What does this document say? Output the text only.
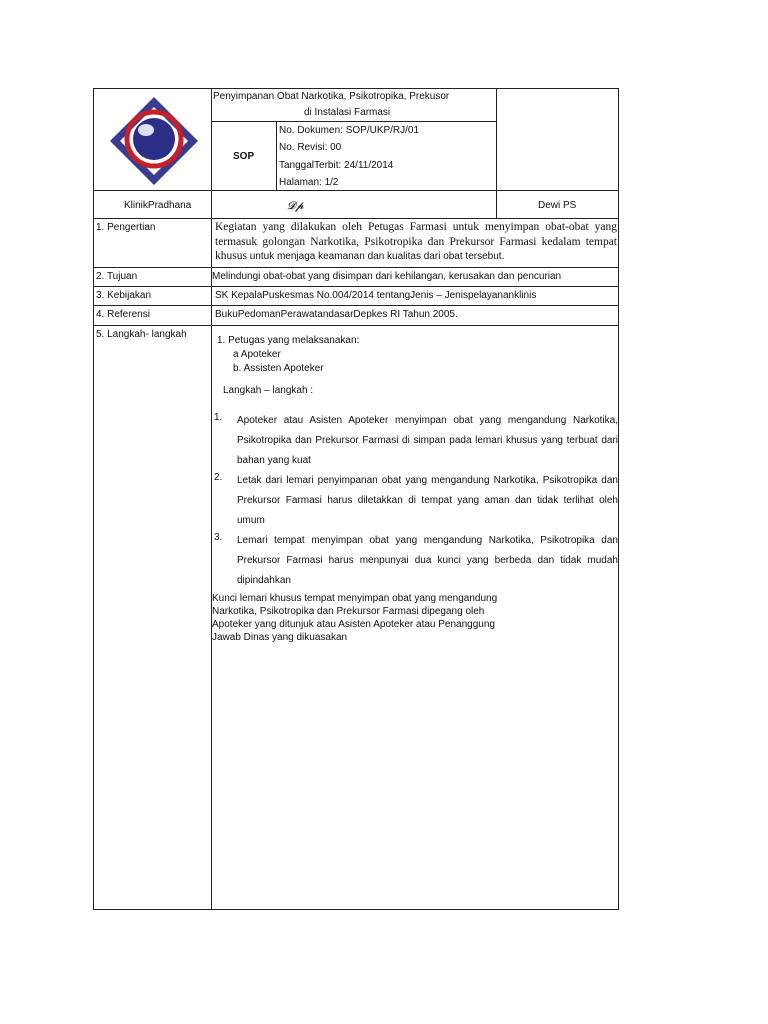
Penyimpanan Obat Narkotika, Psikotropika, Prekusor
di Instalasi Farmasi
SOP
No. Dokumen: SOP/UKP/RJ/01
No. Revisi: 00
TanggalTerbit: 24/11/2014
Halaman: 1/2
KlinikPradhana	𝓓𝓹	Dewi PS
1. Pengertian
2. Tujuan
3. Kebijakan
4. Referensi
5. Langkah- langkah
Kegiatan yang dilakukan oleh Petugas Farmasi untuk menyimpan obat-obat yang termasuk golongan Narkotika, Psikotropika dan Prekursor Farmasi kedalam tempat khusus untuk menjaga keamanan dan kualitas dari obat tersebut.
Melindungi obat-obat yang disimpan dari kehilangan, kerusakan dan pencurian
SK KepalaPuskesmas No.004/2014 tentangJenis – Jenispelayananklinis
BukuPedomanPerawatandasarDepkes RI Tahun 2005.
1. Petugas yang melaksanakan:
a Apoteker
b. Assisten Apoteker
Langkah – langkah :
1. Apoteker atau Asisten Apoteker menyimpan obat yang mengandung Narkotika, Psikotropika dan Prekursor Farmasi di simpan pada lemari khusus yang terbuat dari bahan yang kuat
2. Letak dari lemari penyimpanan obat yang mengandung Narkotika, Psikotropika dan Prekursor Farmasi harus diletakkan di tempat yang aman dan tidak terlihat oleh umum
3. Lemari tempat menyimpan obat yang mengandung Narkotika, Psikotropika dan Prekursor Farmasi harus menpunyai dua kunci yang berbeda dan tidak mudah dipindahkan
Kunci lemari khusus tempat menyimpan obat yang mengandung Narkotika, Psikotropika dan Prekursor Farmasi dipegang oleh Apoteker yang ditunjuk atau Asisten Apoteker atau Penanggung Jawab Dinas yang dikuasakan
